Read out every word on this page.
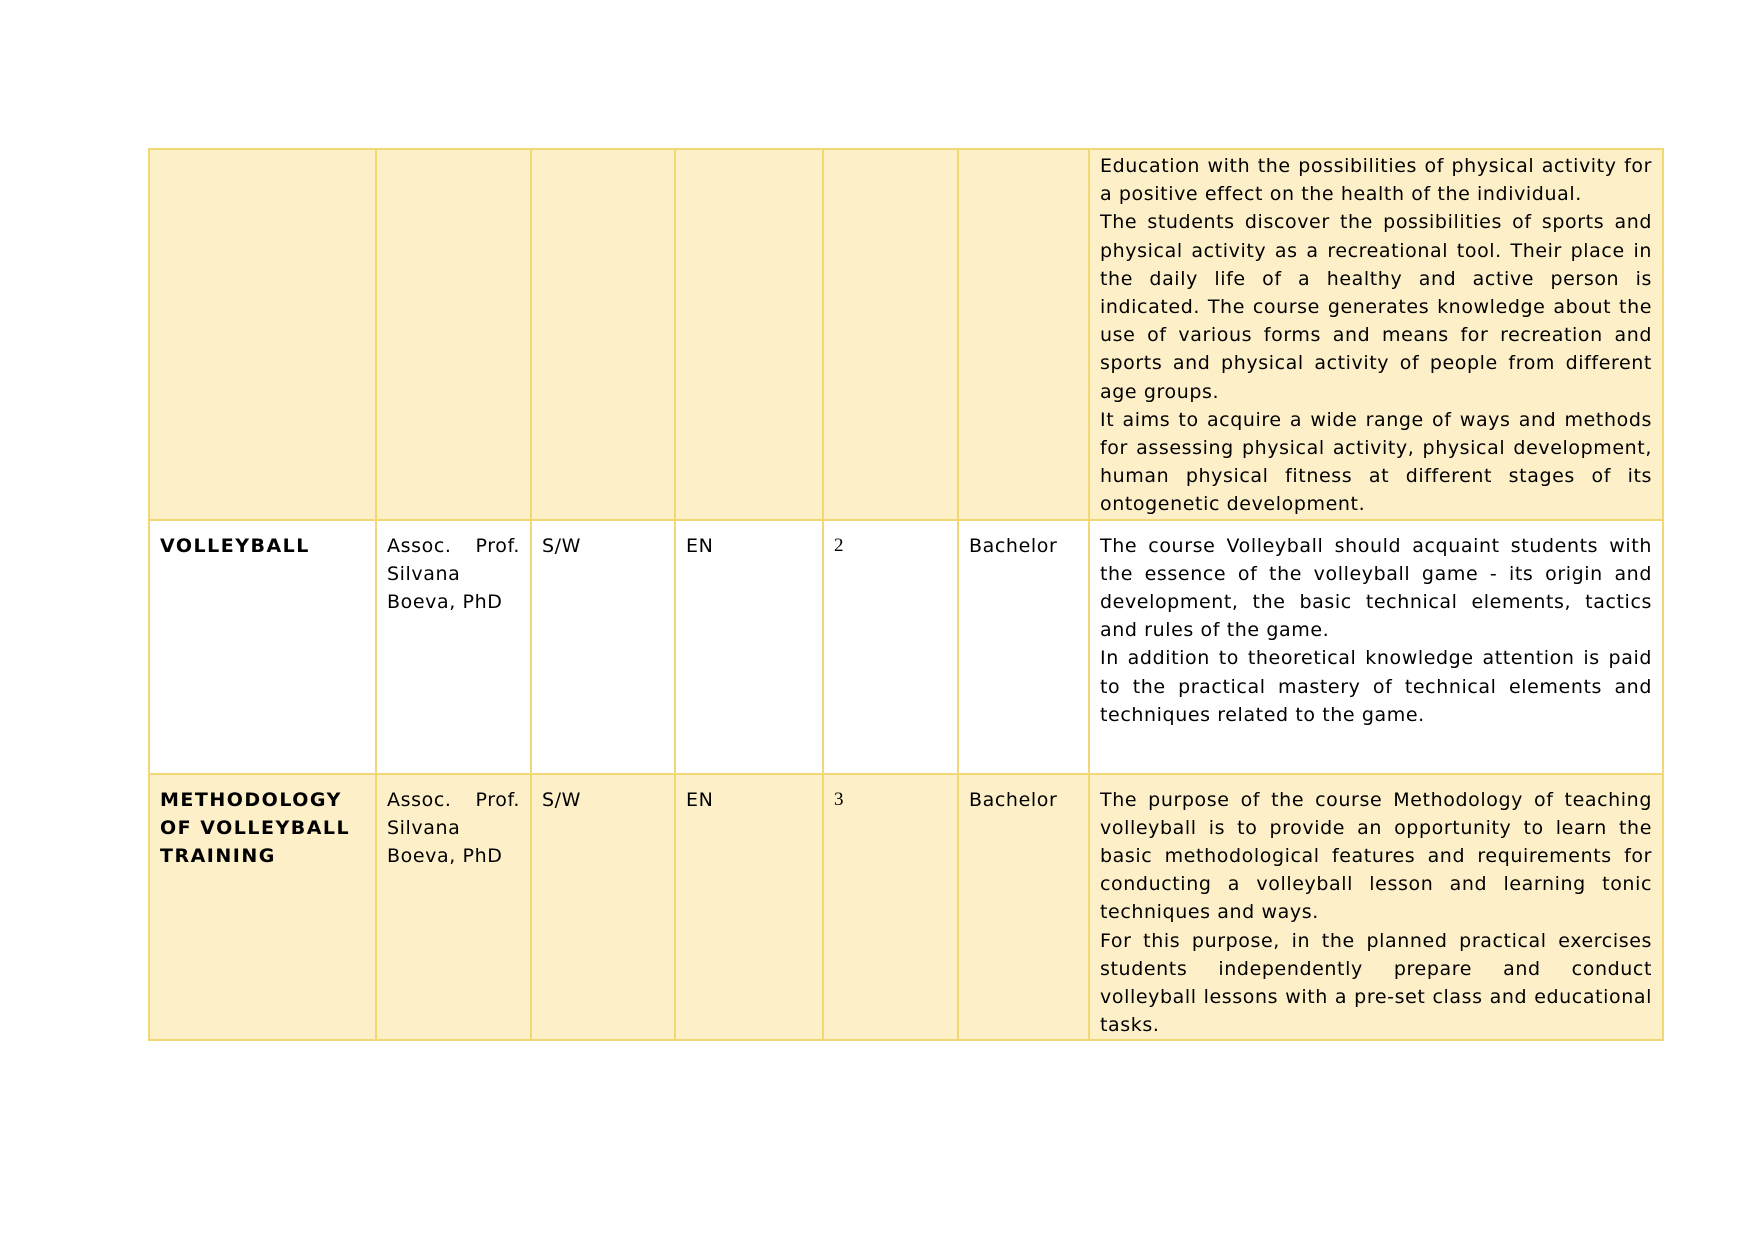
						Education with the possibilities of physical activity for a positive effect on the health of the individual.

The students discover the possibilities of sports and physical activity as a recreational tool. Their place in the daily life of a healthy and active person is indicated. The course generates knowledge about the use of various forms and means for recreation and sports and physical activity of people from different age groups.

It aims to acquire a wide range of ways and methods for assessing physical activity, physical development, human physical fitness at different stages of its ontogenetic development.

VOLLEYBALL	Assoc. Prof. Silvana Boeva, PhD	S/W	EN	2	Bachelor	The course Volleyball should acquaint students with the essence of the volleyball game - its origin and development, the basic technical elements, tactics and rules of the game.

In addition to theoretical knowledge attention is paid to the practical mastery of technical elements and techniques related to the game.

METHODOLOGY OF VOLLEYBALL TRAINING	Assoc. Prof. Silvana Boeva, PhD	S/W	EN	3	Bachelor	The purpose of the course Methodology of teaching volleyball is to provide an opportunity to learn the basic methodological features and requirements for conducting a volleyball lesson and learning tonic techniques and ways.

For this purpose, in the planned practical exercises students independently prepare and conduct volleyball lessons with a pre-set class and educational tasks.
